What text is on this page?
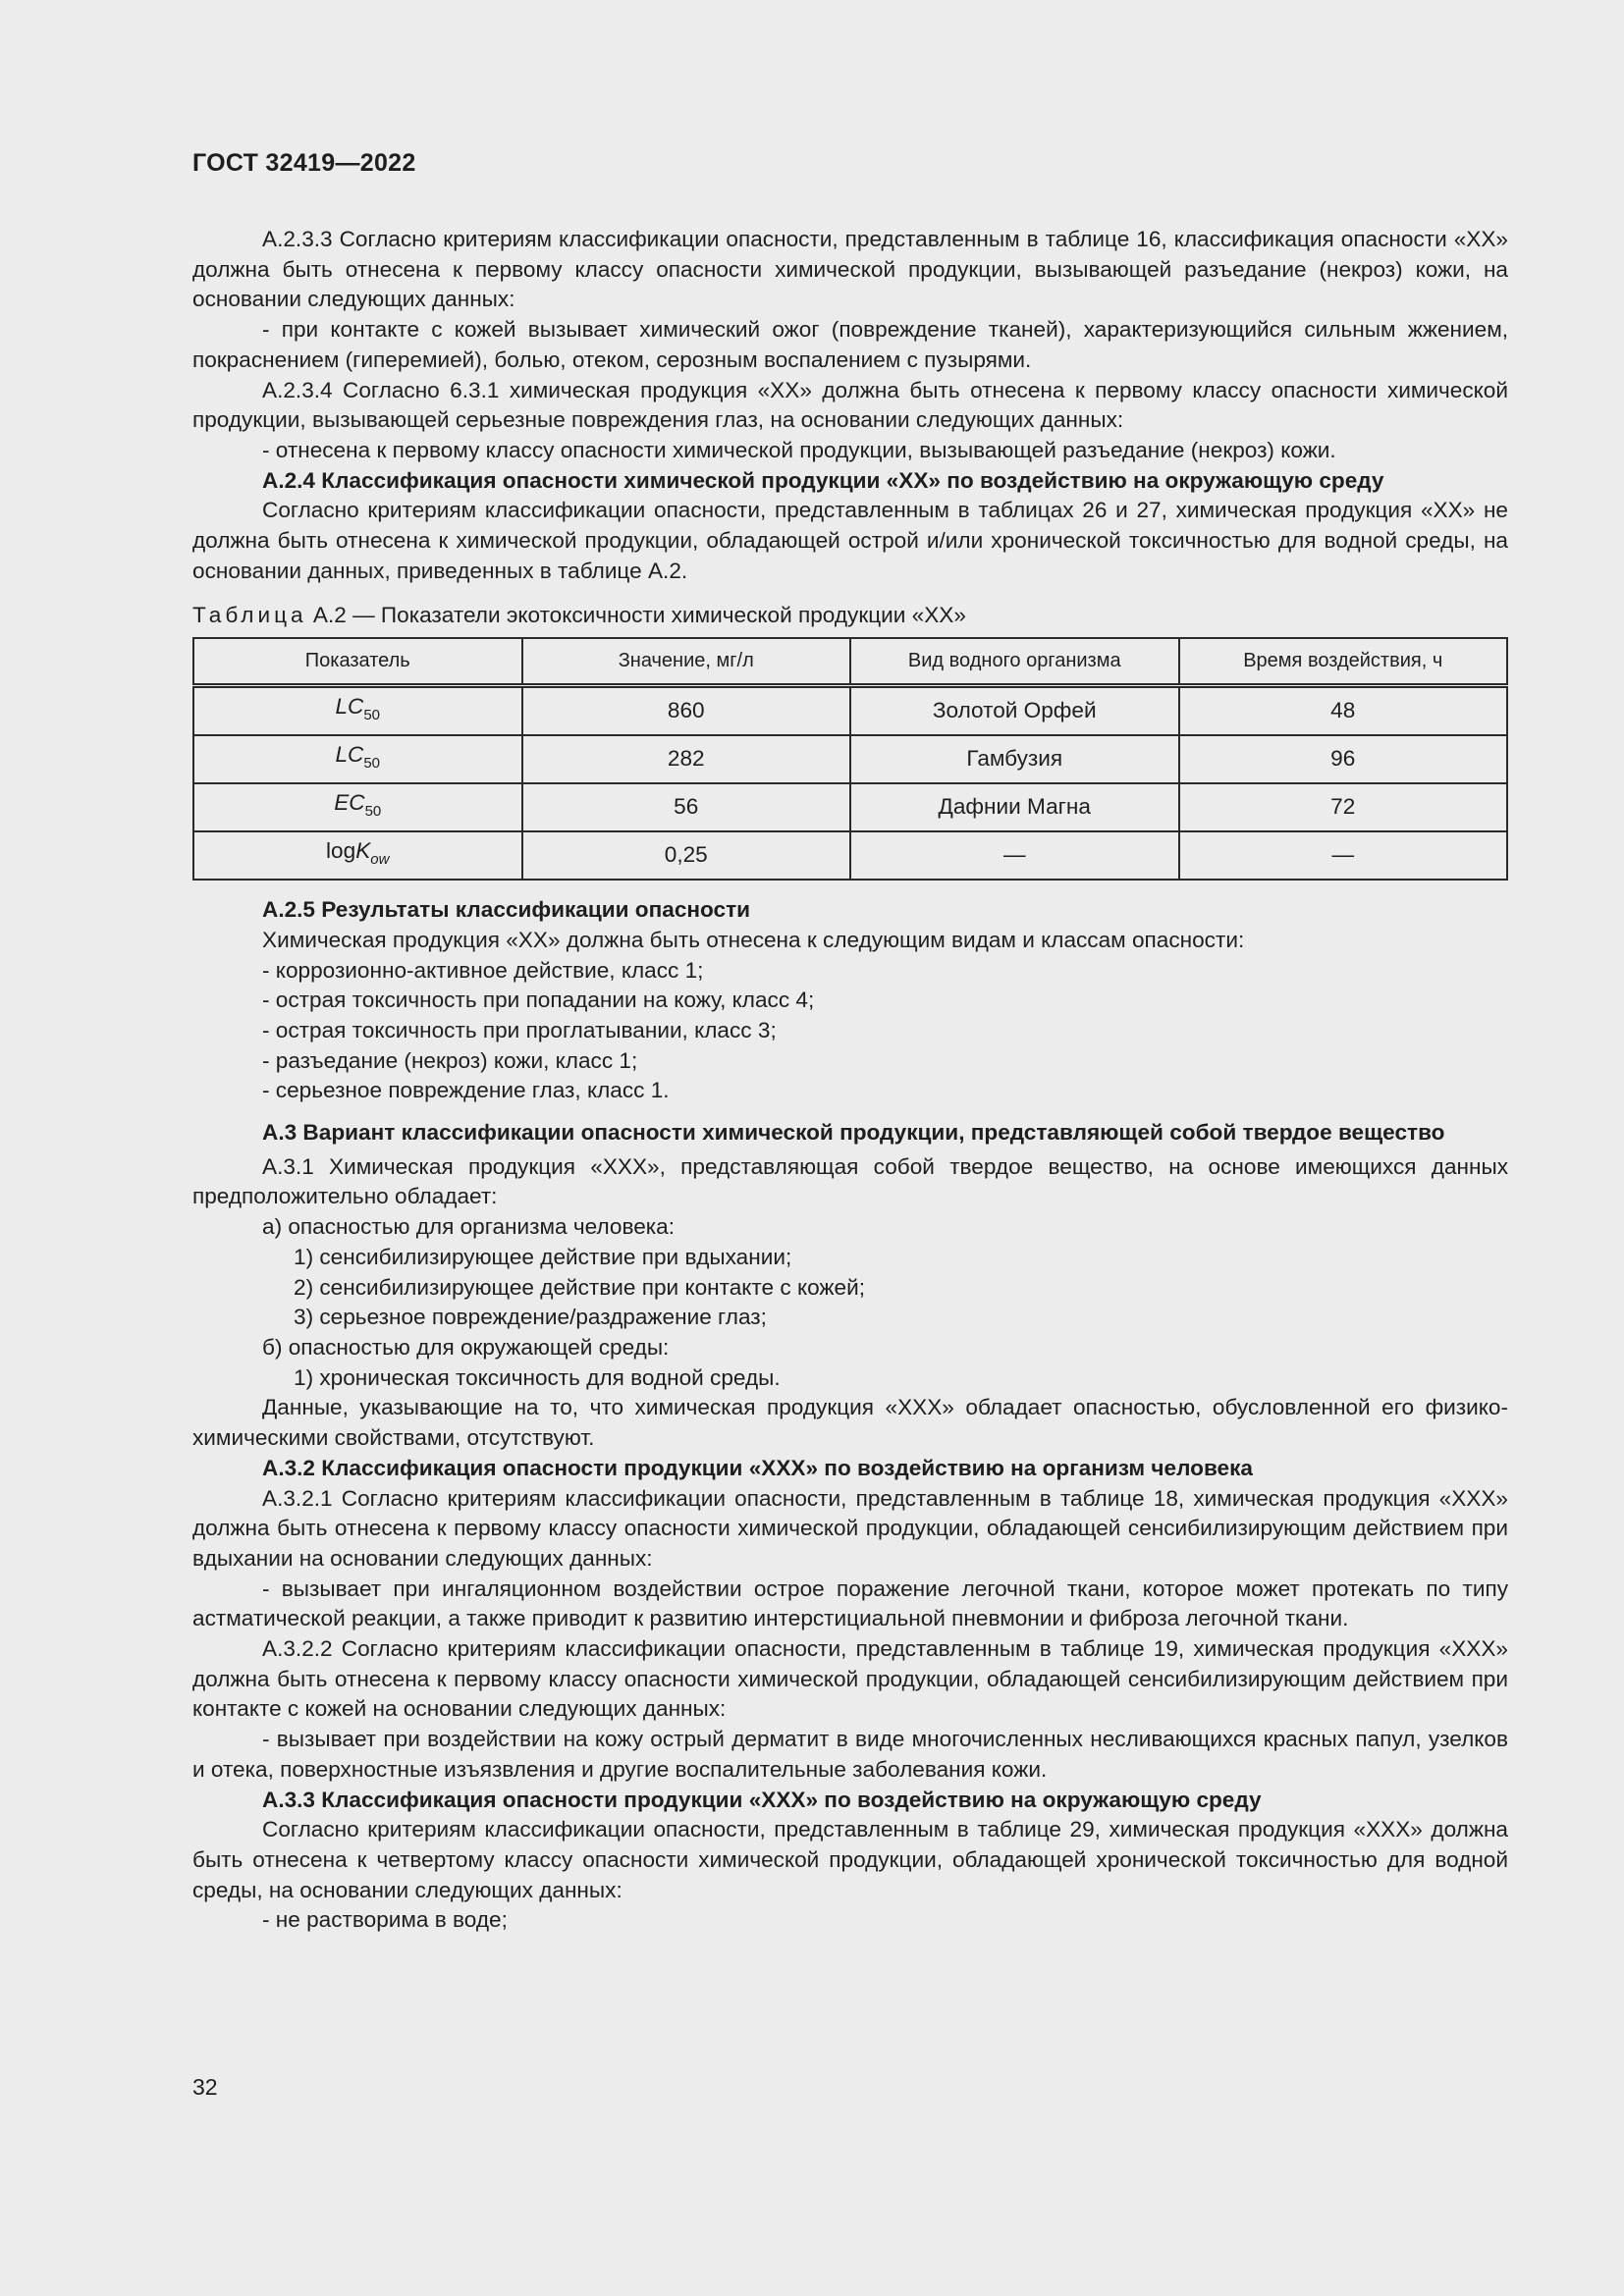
ГОСТ 32419—2022

А.2.3.3 Согласно критериям классификации опасности, представленным в таблице 16, классификация опасности «ХХ» должна быть отнесена к первому классу опасности химической продукции, вызывающей разъедание (некроз) кожи, на основании следующих данных:

- при контакте с кожей вызывает химический ожог (повреждение тканей), характеризующийся сильным жжением, покраснением (гиперемией), болью, отеком, серозным воспалением с пузырями.

А.2.3.4 Согласно 6.3.1 химическая продукция «ХХ» должна быть отнесена к первому классу опасности химической продукции, вызывающей серьезные повреждения глаз, на основании следующих данных:

- отнесена к первому классу опасности химической продукции, вызывающей разъедание (некроз) кожи.

А.2.4 Классификация опасности химической продукции «ХХ» по воздействию на окружающую среду

Согласно критериям классификации опасности, представленным в таблицах 26 и 27, химическая продукция «ХХ» не должна быть отнесена к химической продукции, обладающей острой и/или хронической токсичностью для водной среды, на основании данных, приведенных в таблице А.2.

Таблица А.2 — Показатели экотоксичности химической продукции «ХХ»

Показатель	Значение, мг/л	Вид водного организма	Время воздействия, ч
$LC_{50}$	860	Золотой Орфей	48
$LC_{50}$	282	Гамбузия	96
$EC_{50}$	56	Дафнии Магна	72
logK$_{ow}$	0,25	—	—

А.2.5 Результаты классификации опасности

Химическая продукция «ХХ» должна быть отнесена к следующим видам и классам опасности:

- коррозионно-активное действие, класс 1;

- острая токсичность при попадании на кожу, класс 4;

- острая токсичность при проглатывании, класс 3;

- разъедание (некроз) кожи, класс 1;

- серьезное повреждение глаз, класс 1.

А.3 Вариант классификации опасности химической продукции, представляющей собой твердое вещество

А.3.1 Химическая продукция «ХХХ», представляющая собой твердое вещество, на основе имеющихся данных предположительно обладает:

а) опасностью для организма человека:

1) сенсибилизирующее действие при вдыхании;

2) сенсибилизирующее действие при контакте с кожей;

3) серьезное повреждение/раздражение глаз;

б) опасностью для окружающей среды:

1) хроническая токсичность для водной среды.

Данные, указывающие на то, что химическая продукция «ХХХ» обладает опасностью, обусловленной его физико-химическими свойствами, отсутствуют.

А.3.2 Классификация опасности продукции «ХХХ» по воздействию на организм человека

А.3.2.1 Согласно критериям классификации опасности, представленным в таблице 18, химическая продукция «ХХХ» должна быть отнесена к первому классу опасности химической продукции, обладающей сенсибилизирующим действием при вдыхании на основании следующих данных:

- вызывает при ингаляционном воздействии острое поражение легочной ткани, которое может протекать по типу астматической реакции, а также приводит к развитию интерстициальной пневмонии и фиброза легочной ткани.

А.3.2.2 Согласно критериям классификации опасности, представленным в таблице 19, химическая продукция «ХХХ» должна быть отнесена к первому классу опасности химической продукции, обладающей сенсибилизирующим действием при контакте с кожей на основании следующих данных:

- вызывает при воздействии на кожу острый дерматит в виде многочисленных несливающихся красных папул, узелков и отека, поверхностные изъязвления и другие воспалительные заболевания кожи.

А.3.3 Классификация опасности продукции «ХХХ» по воздействию на окружающую среду

Согласно критериям классификации опасности, представленным в таблице 29, химическая продукция «ХХХ» должна быть отнесена к четвертому классу опасности химической продукции, обладающей хронической токсичностью для водной среды, на основании следующих данных:

- не растворима в воде;

32
